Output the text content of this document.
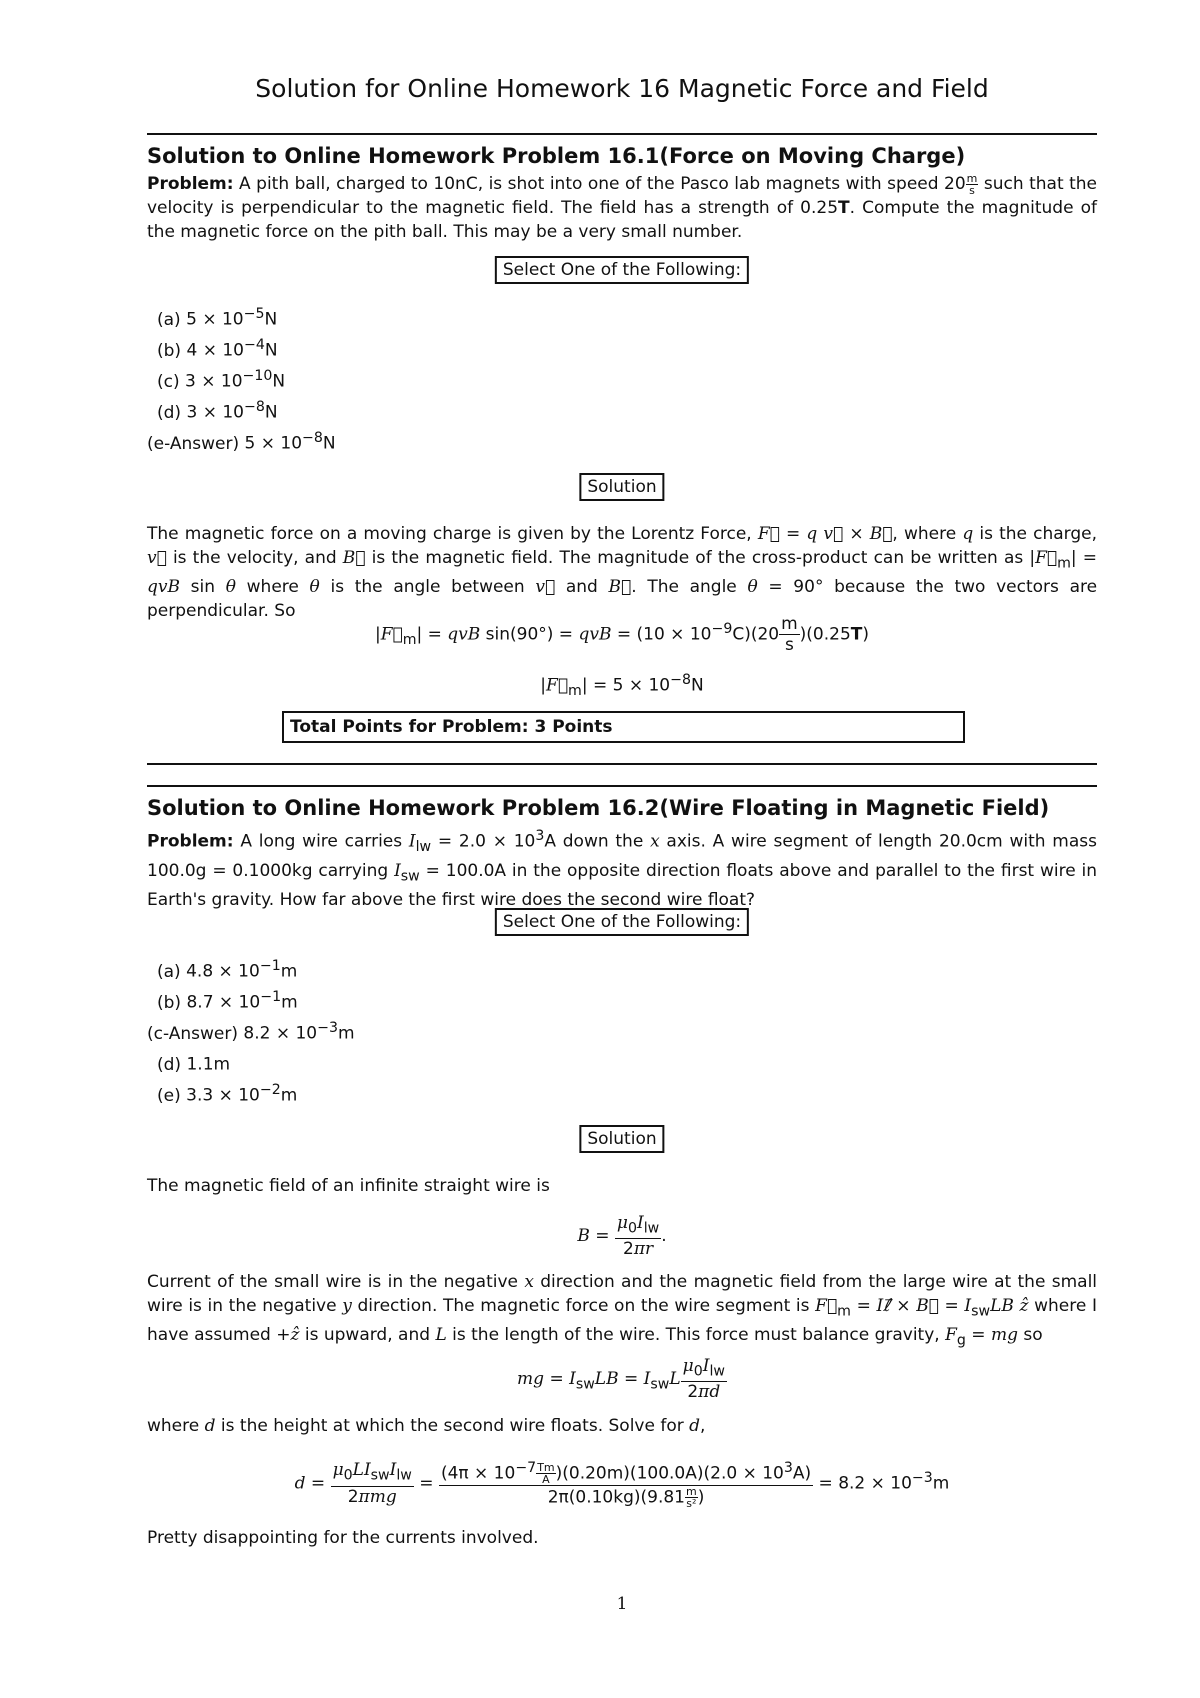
Solution for Online Homework 16 Magnetic Force and Field
Solution to Online Homework Problem 16.1(Force on Moving Charge)
Problem: A pith ball, charged to 10nC, is shot into one of the Pasco lab magnets with speed $20 \frac{m}{s}$ such that the velocity is perpendicular to the magnetic field. The field has a strength of 0.25T. Compute the magnitude of the magnetic force on the pith ball. This may be a very small number.
Select One of the Following:
(a) $5 \times 10^{-5}N$
(b) $4 \times 10^{-4}N$
(c) $3 \times 10^{-10}N$
(d) $3 \times 10^{-8}N$
(e-Answer) $5 \times 10^{-8}N$
Solution
The magnetic force on a moving charge is given by the Lorentz Force, F⃗ = q v⃗ × B⃗, where q is the charge, v⃗ is the velocity, and B⃗ is the magnetic field. The magnitude of the cross-product can be written as $|F⃗_m|$ = qvB sin θ where θ is the angle between v⃗ and B⃗. The angle θ = 90° because the two vectors are perpendicular. So
$|F⃗_m|$ = qvB sin(90°) = qvB = $(10 \times 10^{-9}C)(20 \frac{m}{s} )(0.25T)$
$|F⃗_m| = 5 \times 10^{-8}N$
Total Points for Problem: 3 Points
Solution to Online Homework Problem 16.2(Wire Floating in Magnetic Field)
Problem: A long wire carries $I_{lw} = 2.0 \times 10^3A$ down the x axis. A wire segment of length 20.0cm with mass 100.0g = 0.1000kg carrying $I_{sw} = 100.0A$ in the opposite direction floats above and parallel to the first wire in Earth's gravity. How far above the first wire does the second wire float?
Select One of the Following:
(a) $4.8 \times 10^{-1}m$
(b) $8.7 \times 10^{-1}m$
(c-Answer) $8.2 \times 10^{-3}m$
(d) 1.1m
(e) $3.3 \times 10^{-2}m$
Solution
The magnetic field of an infinite straight wire is
$B = \frac{\mu_0I_{lw}}{2\pi r}$ .
Current of the small wire is in the negative x direction and the magnetic field from the large wire at the small wire is in the negative y direction. The magnetic force on the wire segment is $F⃗_m$ = Iℓ⃗ × B⃗ = $I_{sw}LB$ ẑ where I have assumed +ẑ is upward, and L is the length of the wire. This force must balance gravity, $F_g$ = mg so
mg = $I_{sw}LB = I_{sw}L \frac{\mu_0I_{lw}}{2\pi d}$
where d is the height at which the second wire floats. Solve for d,
$d = \frac{\mu_0LI_{sw}I_{lw}}{\text{2πmg}} = \frac{(4\pi \times 10^{-7} \frac{Tm}{A} )(0.20m)(100.0A)(2.0 \times 10^3A)}{2\pi(0.10kg)(9.81 \frac{m}{\text{s²}} )} = 8.2 \times 10^{-3}m$
Pretty disappointing for the currents involved.
1
